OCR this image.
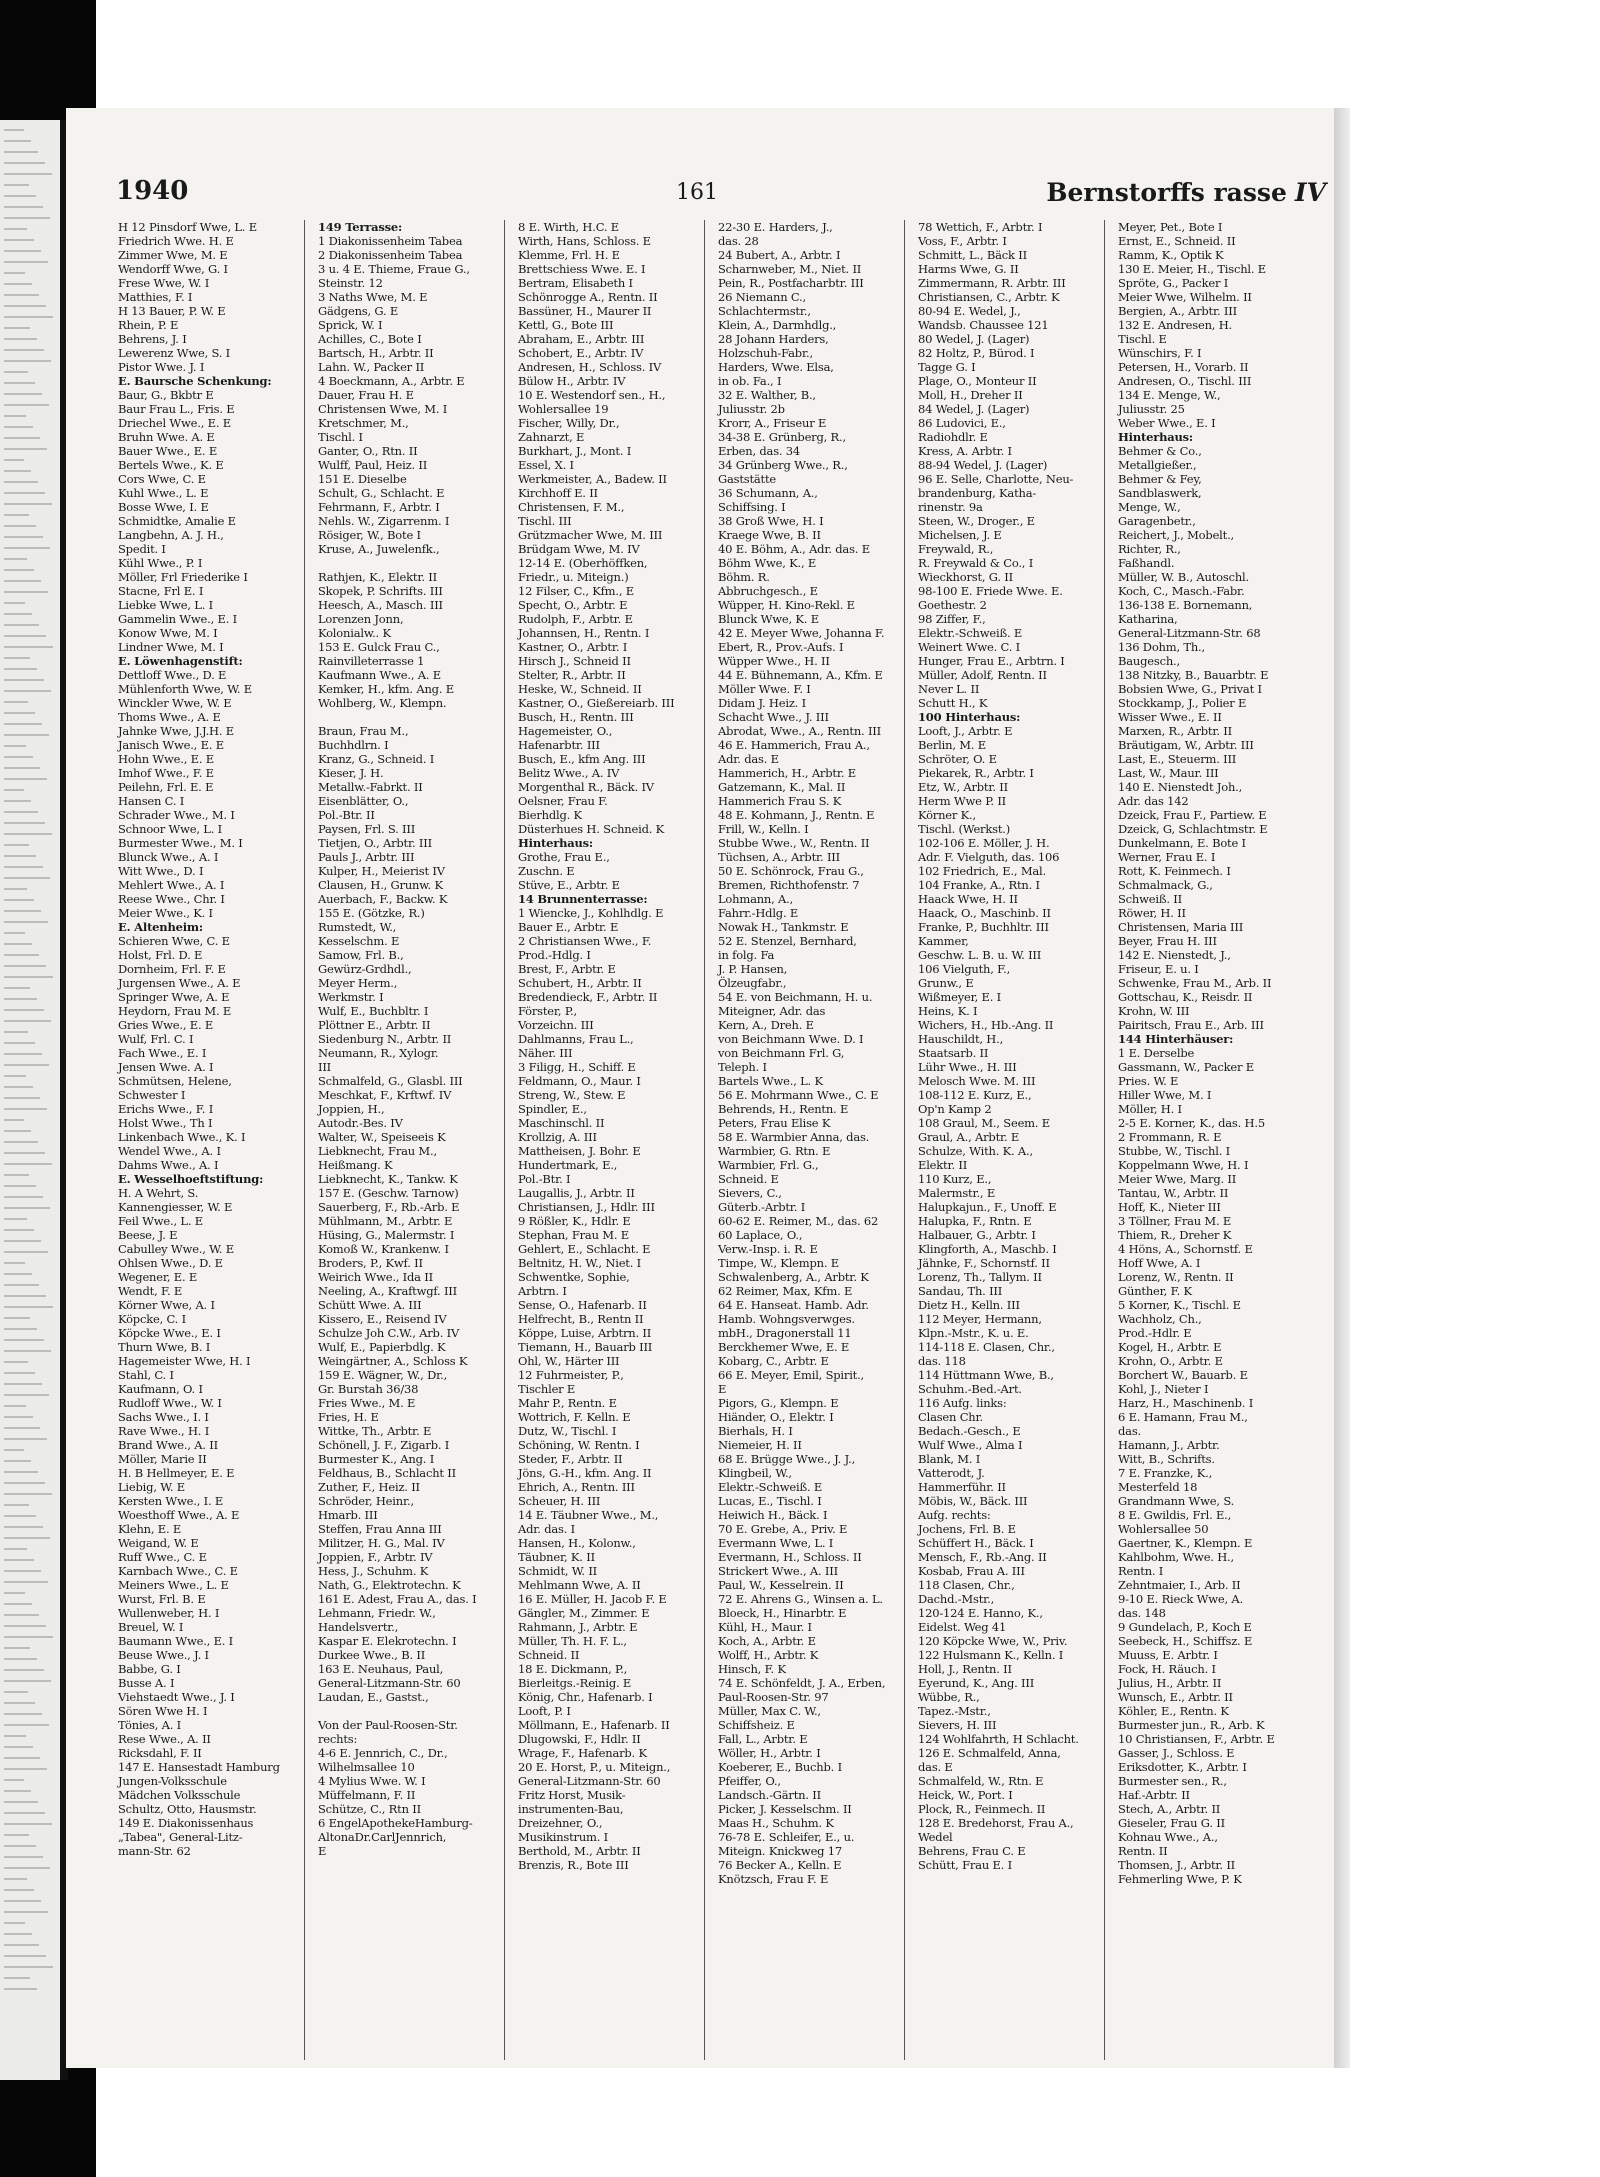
1940	161	Bernstorffs rasse IV
H 12 Pinsdorf Wwe, L. E
Friedrich Wwe. H. E
Zimmer Wwe, M. E
Wendorff Wwe, G. I
Frese Wwe, W. I
Matthies, F. I
H 13 Bauer, P. W. E
Rhein, P. E
Behrens, J. I
Lewerenz Wwe, S. I
Pistor Wwe. J. I
E. Baursche Schenkung:
Baur, G., Bkbtr E
Baur Frau L., Fris. E
Driechel Wwe., E. E
Bruhn Wwe. A. E
Bauer Wwe., E. E
Bertels Wwe., K. E
Cors Wwe, C. E
Kuhl Wwe., L. E
Bosse Wwe, I. E
Schmidtke, Amalie E
Langbehn, A. J. H.,
Spedit. I
Kühl Wwe., P. I
Möller, Frl Friederike I
Stacne, Frl E. I
Liebke Wwe, L. I
Gammelin Wwe., E. I
Konow Wwe, M. I
Lindner Wwe, M. I
E. Löwenhagenstift:
Dettloff Wwe., D. E
Mühlenforth Wwe, W. E
Winckler Wwe, W. E
Thoms Wwe., A. E
Jahnke Wwe, J.J.H. E
Janisch Wwe., E. E
Hohn Wwe., E. E
Imhof Wwe., F. E
Peilehn, Frl. E. E
Hansen C. I
Schrader Wwe., M. I
Schnoor Wwe, L. I
Burmester Wwe., M. I
Blunck Wwe., A. I
Witt Wwe., D. I
Mehlert Wwe., A. I
Reese Wwe., Chr. I
Meier Wwe., K. I
E. Altenheim:
Schieren Wwe, C. E
Holst, Frl. D. E
Dornheim, Frl. F. E
Jurgensen Wwe., A. E
Springer Wwe, A. E
Heydorn, Frau M. E
Gries Wwe., E. E
Wulf, Frl. C. I
Fach Wwe., E. I
Jensen Wwe. A. I
Schmütsen, Helene,
Schwester I
Erichs Wwe., F. I
Holst Wwe., Th I
Linkenbach Wwe., K. I
Wendel Wwe., A. I
Dahms Wwe., A. I
E. Wesselhoeftstiftung:
H. A Wehrt, S.
Kannengiesser, W. E
Feil Wwe., L. E
Beese, J. E
Cabulley Wwe., W. E
Ohlsen Wwe., D. E
Wegener, E. E
Wendt, F. E
Körner Wwe, A. I
Köpcke, C. I
Köpcke Wwe., E. I
Thurn Wwe, B. I
Hagemeister Wwe, H. I
Stahl, C. I
Kaufmann, O. I
Rudloff Wwe., W. I
Sachs Wwe., I. I
Rave Wwe., H. I
Brand Wwe., A. II
Möller, Marie II
H. B Hellmeyer, E. E
Liebig, W. E
Kersten Wwe., I. E
Woesthoff Wwe., A. E
Klehn, E. E
Weigand, W. E
Ruff Wwe., C. E
Karnbach Wwe., C. E
Meiners Wwe., L. E
Wurst, Frl. B. E
Wullenweber, H. I
Breuel, W. I
Baumann Wwe., E. I
Beuse Wwe., J. I
Babbe, G. I
Busse A. I
Viehstaedt Wwe., J. I
Sören Wwe H. I
Tönies, A. I
Rese Wwe., A. II
Ricksdahl, F. II
147 E. Hansestadt Hamburg
Jungen-Volksschule
Mädchen Volksschule
Schultz, Otto, Hausmstr.
149 E. Diakonissenhaus
„Tabea", General-Litz-
mann-Str. 62
149 Terrasse:
1 Diakonissenheim Tabea
2 Diakonissenheim Tabea
3 u. 4 E. Thieme, Fraue G.,
Steinstr. 12
3 Naths Wwe, M. E
Gädgens, G. E
Sprick, W. I
Achilles, C., Bote I
Bartsch, H., Arbtr. II
Lahn. W., Packer II
4 Boeckmann, A., Arbtr. E
Dauer, Frau H. E
Christensen Wwe, M. I
Kretschmer, M.,
Tischl. I
Ganter, O., Rtn. II
Wulff, Paul, Heiz. II
151 E. Dieselbe
Schult, G., Schlacht. E
Fehrmann, F., Arbtr. I
Nehls. W., Zigarrenm. I
Rösiger, W., Bote I
Kruse, A., Juwelenfk.,
Rathjen, K., Elektr. II
Skopek, P. Schrifts. III
Heesch, A., Masch. III
Lorenzen Jonn,
Kolonialw.. K
153 E. Gulck Frau C.,
Rainvilleterrasse 1
Kaufmann Wwe., A. E
Kemker, H., kfm. Ang. E
Wohlberg, W., Klempn.
Braun, Frau M.,
Buchhdlrn. I
Kranz, G., Schneid. I
Kieser, J. H.
Metallw.-Fabrkt. II
Eisenblätter, O.,
Pol.-Btr. II
Paysen, Frl. S. III
Tietjen, O., Arbtr. III
Pauls J., Arbtr. III
Kulper, H., Meierist IV
Clausen, H., Grunw. K
Auerbach, F., Backw. K
155 E. (Götzke, R.)
Rumstedt, W.,
Kesselschm. E
Samow, Frl. B.,
Gewürz-Grdhdl.,
Meyer Herm.,
Werkmstr. I
Wulf, E., Buchbltr. I
Plöttner E., Arbtr. II
Siedenburg N., Arbtr. II
Neumann, R., Xylogr.
III
Schmalfeld, G., Glasbl. III
Meschkat, F., Krftwf. IV
Joppien, H.,
Autodr.-Bes. IV
Walter, W., Speiseeis K
Liebknecht, Frau M.,
Heißmang. K
Liebknecht, K., Tankw. K
157 E. (Geschw. Tarnow)
Sauerberg, F., Rb.-Arb. E
Mühlmann, M., Arbtr. E
Hüsing, G., Malermstr. I
Komoß W., Krankenw. I
Broders, P., Kwf. II
Weirich Wwe., Ida II
Neeling, A., Kraftwgf. III
Schütt Wwe. A. III
Kissero, E., Reisend IV
Schulze Joh C.W., Arb. IV
Wulf, E., Papierbdlg. K
Weingärtner, A., Schloss K
159 E. Wägner, W., Dr.,
Gr. Burstah 36/38
Fries Wwe., M. E
Fries, H. E
Wittke, Th., Arbtr. E
Schönell, J. F., Zigarb. I
Burmester K., Ang. I
Feldhaus, B., Schlacht II
Zuther, F., Heiz. II
Schröder, Heinr.,
Hmarb. III
Steffen, Frau Anna III
Militzer, H. G., Mal. IV
Joppien, F., Arbtr. IV
Hess, J., Schuhm. K
Nath, G., Elektrotechn. K
161 E. Adest, Frau A., das. I
Lehmann, Friedr. W.,
Handelsvertr.,
Kaspar E. Elekrotechn. I
Durkee Wwe., B. II
163 E. Neuhaus, Paul,
General-Litzmann-Str. 60
Laudan, E., Gastst.,
Von der Paul-Roosen-Str.
rechts:
4-6 E. Jennrich, C., Dr.,
Wilhelmsallee 10
4 Mylius Wwe. W. I
Müffelmann, F. II
Schütze, C., Rtn II
6 EngelApothekeHamburg-
AltonaDr.CarlJennrich,
E
8 E. Wirth, H.C. E
Wirth, Hans, Schloss. E
Klemme, Frl. H. E
Brettschiess Wwe. E. I
Bertram, Elisabeth I
Schönrogge A., Rentn. II
Bassüner, H., Maurer II
Kettl, G., Bote III
Abraham, E., Arbtr. III
Schobert, E., Arbtr. IV
Andresen, H., Schloss. IV
Bülow H., Arbtr. IV
10 E. Westendorf sen., H.,
Wohlersallee 19
Fischer, Willy, Dr.,
Zahnarzt, E
Burkhart, J., Mont. I
Essel, X. I
Werkmeister, A., Badew. II
Kirchhoff E. II
Christensen, F. M.,
Tischl. III
Grützmacher Wwe, M. III
Brüdgam Wwe, M. IV
12-14 E. (Oberhöffken,
Friedr., u. Miteign.)
12 Filser, C., Kfm., E
Specht, O., Arbtr. E
Rudolph, F., Arbtr. E
Johannsen, H., Rentn. I
Kastner, O., Arbtr. I
Hirsch J., Schneid II
Stelter, R., Arbtr. II
Heske, W., Schneid. II
Kastner, O., Gießereiarb. III
Busch, H., Rentn. III
Hagemeister, O.,
Hafenarbtr. III
Busch, E., kfm Ang. III
Belitz Wwe., A. IV
Morgenthal R., Bäck. IV
Oelsner, Frau F.
Bierhdlg. K
Düsterhues H. Schneid. K
Hinterhaus:
Grothe, Frau E.,
Zuschn. E
Stüve, E., Arbtr. E
14 Brunnenterrasse:
1 Wiencke, J., Kohlhdlg. E
Bauer E., Arbtr. E
2 Christiansen Wwe., F.
Prod.-Hdlg. I
Brest, F., Arbtr. E
Schubert, H., Arbtr. II
Bredendieck, F., Arbtr. II
Förster, P.,
Vorzeichn. III
Dahlmanns, Frau L.,
Näher. III
3 Filigg, H., Schiff. E
Feldmann, O., Maur. I
Streng, W., Stew. E
Spindler, E.,
Maschinschl. II
Krollzig, A. III
Mattheisen, J. Bohr. E
Hundertmark, E.,
Pol.-Btr. I
Laugallis, J., Arbtr. II
Christiansen, J., Hdlr. III
9 Rößler, K., Hdlr. E
Stephan, Frau M. E
Gehlert, E., Schlacht. E
Beltnitz, H. W., Niet. I
Schwentke, Sophie,
Arbtrn. I
Sense, O., Hafenarb. II
Helfrecht, B., Rentn II
Köppe, Luise, Arbtrn. II
Tiemann, H., Bauarb III
Ohl, W., Härter III
12 Fuhrmeister, P.,
Tischler E
Mahr P., Rentn. E
Wottrich, F. Kelln. E
Dutz, W., Tischl. I
Schöning, W. Rentn. I
Steder, F., Arbtr. II
Jöns, G.-H., kfm. Ang. II
Ehrich, A., Rentn. III
Scheuer, H. III
14 E. Täubner Wwe., M.,
Adr. das. I
Hansen, H., Kolonw.,
Täubner, K. II
Schmidt, W. II
Mehlmann Wwe, A. II
16 E. Müller, H. Jacob F. E
Gängler, M., Zimmer. E
Rahmann, J., Arbtr. E
Müller, Th. H. F. L.,
Schneid. II
18 E. Dickmann, P.,
Bierleitgs.-Reinig. E
König, Chr., Hafenarb. I
Looft, P. I
Möllmann, E., Hafenarb. II
Dlugowski, F., Hdlr. II
Wrage, F., Hafenarb. K
20 E. Horst, P., u. Miteign.,
General-Litzmann-Str. 60
Fritz Horst, Musik-
instrumenten-Bau,
Dreizehner, O.,
Musikinstrum. I
Berthold, M., Arbtr. II
Brenzis, R., Bote III
22-30 E. Harders, J.,
das. 28
24 Bubert, A., Arbtr. I
Scharnweber, M., Niet. II
Pein, R., Postfacharbtr. III
26 Niemann C.,
Schlachtermstr.,
Klein, A., Darmhdlg.,
28 Johann Harders,
Holzschuh-Fabr.,
Harders, Wwe. Elsa,
in ob. Fa., I
32 E. Walther, B.,
Juliusstr. 2b
Krorr, A., Friseur E
34-38 E. Grünberg, R.,
Erben, das. 34
34 Grünberg Wwe., R.,
Gaststätte
36 Schumann, A.,
Schiffsing. I
38 Groß Wwe, H. I
Kraege Wwe, B. II
40 E. Böhm, A., Adr. das. E
Böhm Wwe, K., E
Böhm. R.
Abbruchgesch., E
Wüpper, H. Kino-Rekl. E
Blunck Wwe, K. E
42 E. Meyer Wwe, Johanna F.
Ebert, R., Prov.-Aufs. I
Wüpper Wwe., H. II
44 E. Bühnemann, A., Kfm. E
Möller Wwe. F. I
Didam J. Heiz. I
Schacht Wwe., J. III
Abrodat, Wwe., A., Rentn. III
46 E. Hammerich, Frau A.,
Adr. das. E
Hammerich, H., Arbtr. E
Gatzemann, K., Mal. II
Hammerich Frau S. K
48 E. Kohmann, J., Rentn. E
Frill, W., Kelln. I
Stubbe Wwe., W., Rentn. II
Tüchsen, A., Arbtr. III
50 E. Schönrock, Frau G.,
Bremen, Richthofenstr. 7
Lohmann, A.,
Fahrr.-Hdlg. E
Nowak H., Tankmstr. E
52 E. Stenzel, Bernhard,
in folg. Fa
J. P. Hansen,
Ölzeugfabr.,
54 E. von Beichmann, H. u.
Miteigner, Adr. das
Kern, A., Dreh. E
von Beichmann Wwe. D. I
von Beichmann Frl. G,
Teleph. I
Bartels Wwe., L. K
56 E. Mohrmann Wwe., C. E
Behrends, H., Rentn. E
Peters, Frau Elise K
58 E. Warmbier Anna, das.
Warmbier, G. Rtn. E
Warmbier, Frl. G.,
Schneid. E
Sievers, C.,
Güterb.-Arbtr. I
60-62 E. Reimer, M., das. 62
60 Laplace, O.,
Verw.-Insp. i. R. E
Timpe, W., Klempn. E
Schwalenberg, A., Arbtr. K
62 Reimer, Max, Kfm. E
64 E. Hanseat. Hamb. Adr.
Hamb. Wohngsverwges.
mbH., Dragonerstall 11
Berckhemer Wwe, E. E
Kobarg, C., Arbtr. E
66 E. Meyer, Emil, Spirit.,
E
Pigors, G., Klempn. E
Hiänder, O., Elektr. I
Bierhals, H. I
Niemeier, H. II
68 E. Brügge Wwe., J. J.,
Klingbeil, W.,
Elektr.-Schweiß. E
Lucas, E., Tischl. I
Heiwich H., Bäck. I
70 E. Grebe, A., Priv. E
Evermann Wwe, L. I
Evermann, H., Schloss. II
Strickert Wwe., A. III
Paul, W., Kesselrein. II
72 E. Ahrens G., Winsen a. L.
Bloeck, H., Hinarbtr. E
Kühl, H., Maur. I
Koch, A., Arbtr. E
Wolff, H., Arbtr. K
Hinsch, F. K
74 E. Schönfeldt, J. A., Erben,
Paul-Roosen-Str. 97
Müller, Max C. W.,
Schiffsheiz. E
Fall, L., Arbtr. E
Wöller, H., Arbtr. I
Koeberer, E., Buchb. I
Pfeiffer, O.,
Landsch.-Gärtn. II
Picker, J. Kesselschm. II
Maas H., Schuhm. K
76-78 E. Schleifer, E., u.
Miteign. Knickweg 17
76 Becker A., Kelln. E
Knötzsch, Frau F. E
78 Wettich, F., Arbtr. I
Voss, F., Arbtr. I
Schmitt, L., Bäck II
Harms Wwe, G. II
Zimmermann, R. Arbtr. III
Christiansen, C., Arbtr. K
80-94 E. Wedel, J.,
Wandsb. Chaussee 121
80 Wedel, J. (Lager)
82 Holtz, P., Bürod. I
Tagge G. I
Plage, O., Monteur II
Moll, H., Dreher II
84 Wedel, J. (Lager)
86 Ludovici, E.,
Radiohdlr. E
Kress, A. Arbtr. I
88-94 Wedel, J. (Lager)
96 E. Selle, Charlotte, Neu-
brandenburg, Katha-
rinenstr. 9a
Steen, W., Droger., E
Michelsen, J. E
Freywald, R.,
R. Freywald & Co., I
Wieckhorst, G. II
98-100 E. Friede Wwe. E.
Goethestr. 2
98 Ziffer, F.,
Elektr.-Schweiß. E
Weinert Wwe. C. I
Hunger, Frau E., Arbtrn. I
Müller, Adolf, Rentn. II
Never L. II
Schutt H., K
100 Hinterhaus:
Looft, J., Arbtr. E
Berlin, M. E
Schröter, O. E
Piekarek, R., Arbtr. I
Etz, W., Arbtr. II
Herm Wwe P. II
Körner K.,
Tischl. (Werkst.)
102-106 E. Möller, J. H.
Adr. F. Vielguth, das. 106
102 Friedrich, E., Mal.
104 Franke, A., Rtn. I
Haack Wwe, H. II
Haack, O., Maschinb. II
Franke, P., Buchhltr. III
Kammer,
Geschw. L. B. u. W. III
106 Vielguth, F.,
Grunw., E
Wißmeyer, E. I
Heins, K. I
Wichers, H., Hb.-Ang. II
Hauschildt, H.,
Staatsarb. II
Lühr Wwe., H. III
Melosch Wwe. M. III
108-112 E. Kurz, E.,
Op'n Kamp 2
108 Graul, M., Seem. E
Graul, A., Arbtr. E
Schulze, With. K. A.,
Elektr. II
110 Kurz, E.,
Malermstr., E
Halupkajun., F., Unoff. E
Halupka, F., Rntn. E
Halbauer, G., Arbtr. I
Klingforth, A., Maschb. I
Jähnke, F., Schornstf. II
Lorenz, Th., Tallym. II
Sandau, Th. III
Dietz H., Kelln. III
112 Meyer, Hermann,
Klpn.-Mstr., K. u. E.
114-118 E. Clasen, Chr.,
das. 118
114 Hüttmann Wwe, B.,
Schuhm.-Bed.-Art.
116 Aufg. links:
Clasen Chr.
Bedach.-Gesch., E
Wulf Wwe., Alma I
Blank, M. I
Vatterodt, J.
Hammerführ. II
Möbis, W., Bäck. III
Aufg. rechts:
Jochens, Frl. B. E
Schüffert H., Bäck. I
Mensch, F., Rb.-Ang. II
Kosbab, Frau A. III
118 Clasen, Chr.,
Dachd.-Mstr.,
120-124 E. Hanno, K.,
Eidelst. Weg 41
120 Köpcke Wwe, W., Priv.
122 Hulsmann K., Kelln. I
Holl, J., Rentn. II
Eyerund, K., Ang. III
Wübbe, R.,
Tapez.-Mstr.,
Sievers, H. III
124 Wohlfahrth, H Schlacht.
126 E. Schmalfeld, Anna,
das. E
Schmalfeld, W., Rtn. E
Heick, W., Port. I
Plock, R., Feinmech. II
128 E. Bredehorst, Frau A.,
Wedel
Behrens, Frau C. E
Schütt, Frau E. I
Meyer, Pet., Bote I
Ernst, E., Schneid. II
Ramm, K., Optik K
130 E. Meier, H., Tischl. E
Spröte, G., Packer I
Meier Wwe, Wilhelm. II
Bergien, A., Arbtr. III
132 E. Andresen, H.
Tischl. E
Wünschirs, F. I
Petersen, H., Vorarb. II
Andresen, O., Tischl. III
134 E. Menge, W.,
Juliusstr. 25
Weber Wwe., E. I
Hinterhaus:
Behmer & Co.,
Metallgießer.,
Behmer & Fey,
Sandblaswerk,
Menge, W.,
Garagenbetr.,
Reichert, J., Mobelt.,
Richter, R.,
Faßhandl.
Müller, W. B., Autoschl.
Koch, C., Masch.-Fabr.
136-138 E. Bornemann,
Katharina,
General-Litzmann-Str. 68
136 Dohm, Th.,
Baugesch.,
138 Nitzky, B., Bauarbtr. E
Bobsien Wwe, G., Privat I
Stockkamp, J., Polier E
Wisser Wwe., E. II
Marxen, R., Arbtr. II
Bräutigam, W., Arbtr. III
Last, E., Steuerm. III
Last, W., Maur. III
140 E. Nienstedt Joh.,
Adr. das 142
Dzeick, Frau F., Partiew. E
Dzeick, G, Schlachtmstr. E
Dunkelmann, E. Bote I
Werner, Frau E. I
Rott, K. Feinmech. I
Schmalmack, G.,
Schweiß. II
Röwer, H. II
Christensen, Maria III
Beyer, Frau H. III
142 E. Nienstedt, J.,
Friseur, E. u. I
Schwenke, Frau M., Arb. II
Gottschau, K., Reisdr. II
Krohn, W. III
Pairitsch, Frau E., Arb. III
144 Hinterhäuser:
1 E. Derselbe
Gassmann, W., Packer E
Pries. W. E
Hiller Wwe, M. I
Möller, H. I
2-5 E. Korner, K., das. H.5
2 Frommann, R. E
Stubbe, W., Tischl. I
Koppelmann Wwe, H. I
Meier Wwe, Marg. II
Tantau, W., Arbtr. II
Hoff, K., Nieter III
3 Töllner, Frau M. E
Thiem, R., Dreher K
4 Höns, A., Schornstf. E
Hoff Wwe, A. I
Lorenz, W., Rentn. II
Günther, F. K
5 Korner, K., Tischl. E
Wachholz, Ch.,
Prod.-Hdlr. E
Kogel, H., Arbtr. E
Krohn, O., Arbtr. E
Borchert W., Bauarb. E
Kohl, J., Nieter I
Harz, H., Maschinenb. I
6 E. Hamann, Frau M.,
das.
Hamann, J., Arbtr.
Witt, B., Schrifts.
7 E. Franzke, K.,
Mesterfeld 18
Grandmann Wwe, S.
8 E. Gwildis, Frl. E.,
Wohlersallee 50
Gaertner, K., Klempn. E
Kahlbohm, Wwe. H.,
Rentn. I
Zehntmaier, I., Arb. II
9-10 E. Rieck Wwe, A.
das. 148
9 Gundelach, P., Koch E
Seebeck, H., Schiffsz. E
Muuss, E. Arbtr. I
Fock, H. Räuch. I
Julius, H., Arbtr. II
Wunsch, E., Arbtr. II
Köhler, E., Rentn. K
Burmester jun., R., Arb. K
10 Christiansen, F., Arbtr. E
Gasser, J., Schloss. E
Eriksdotter, K., Arbtr. I
Burmester sen., R.,
Haf.-Arbtr. II
Stech, A., Arbtr. II
Gieseler, Frau G. II
Kohnau Wwe., A.,
Rentn. II
Thomsen, J., Arbtr. II
Fehmerling Wwe, P. K
